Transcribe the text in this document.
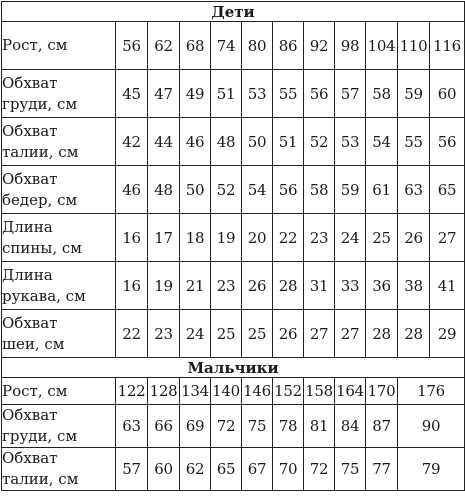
Дети											

Рост, см	56	62	68	74	80	86	92	98	104	110	116

Обхват
груди, см	45	47	49	51	53	55	56	57	58	59	60

Обхват
талии, см	42	44	46	48	50	51	52	53	54	55	56

Обхват
бедер, см	46	48	50	52	54	56	58	59	61	63	65

Длина
спины, см	16	17	18	19	20	22	23	24	25	26	27

Длина
рукава, см	16	19	21	23	26	28	31	33	36	38	41

Обхват
шеи, см	22	23	24	25	25	26	27	27	28	28	29
Мальчики											

Рост, см	122	128	134	140	146	152	158	164	170	176	

Обхват
груди, см	63	66	69	72	75	78	81	84	87	90	

Обхват
талии, см	57	60	62	65	67	70	72	75	77	79	
